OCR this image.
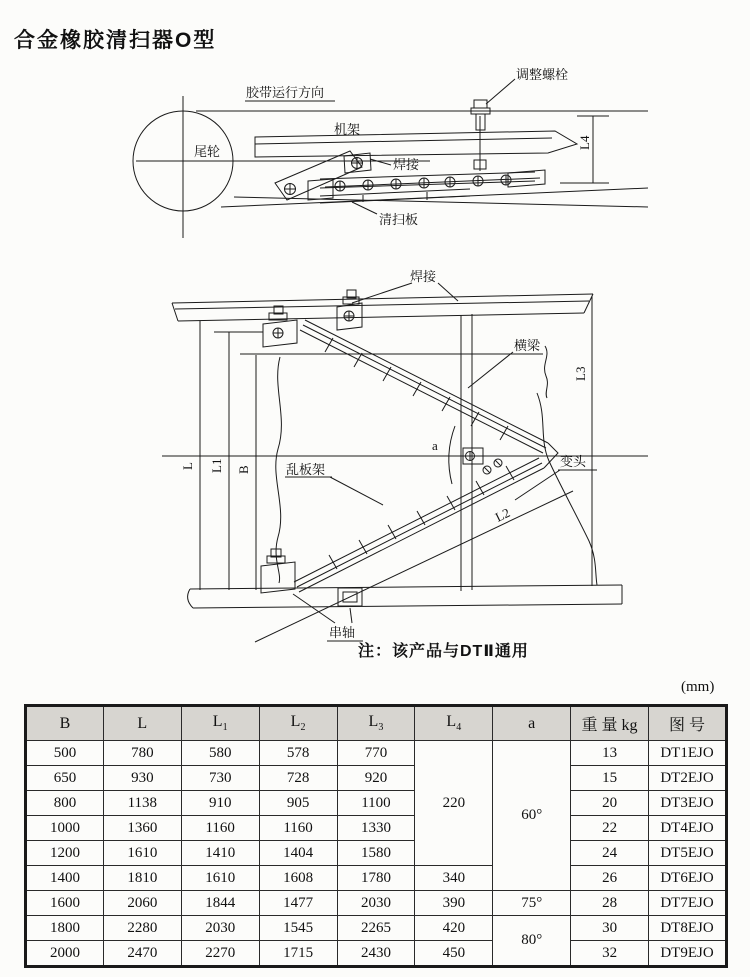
合金橡胶清扫器O型
胶带运行方向
尾轮
机架
调整螺栓
焊接
清扫板
L4
焊接
横梁
乱板架
a
变头
串轴
L L1 B
L2
L3
注：该产品与DTⅡ通用
(mm)
B	L	$L_1$	$L_2$	$L_3$	$L_4$	a	重 量 kg	图 号
500	780	580	578	770	220	60°	13	DT1EJO
650	930	730	728	920			15	DT2EJO
800	1138	910	905	1100			20	DT3EJO
1000	1360	1160	1160	1330			22	DT4EJO
1200	1610	1410	1404	1580			24	DT5EJO
1400	1810	1610	1608	1780	340		26	DT6EJO
1600	2060	1844	1477	2030	390	75°	28	DT7EJO
1800	2280	2030	1545	2265	420	80°	30	DT8EJO
2000	2470	2270	1715	2430	450		32	DT9EJO
